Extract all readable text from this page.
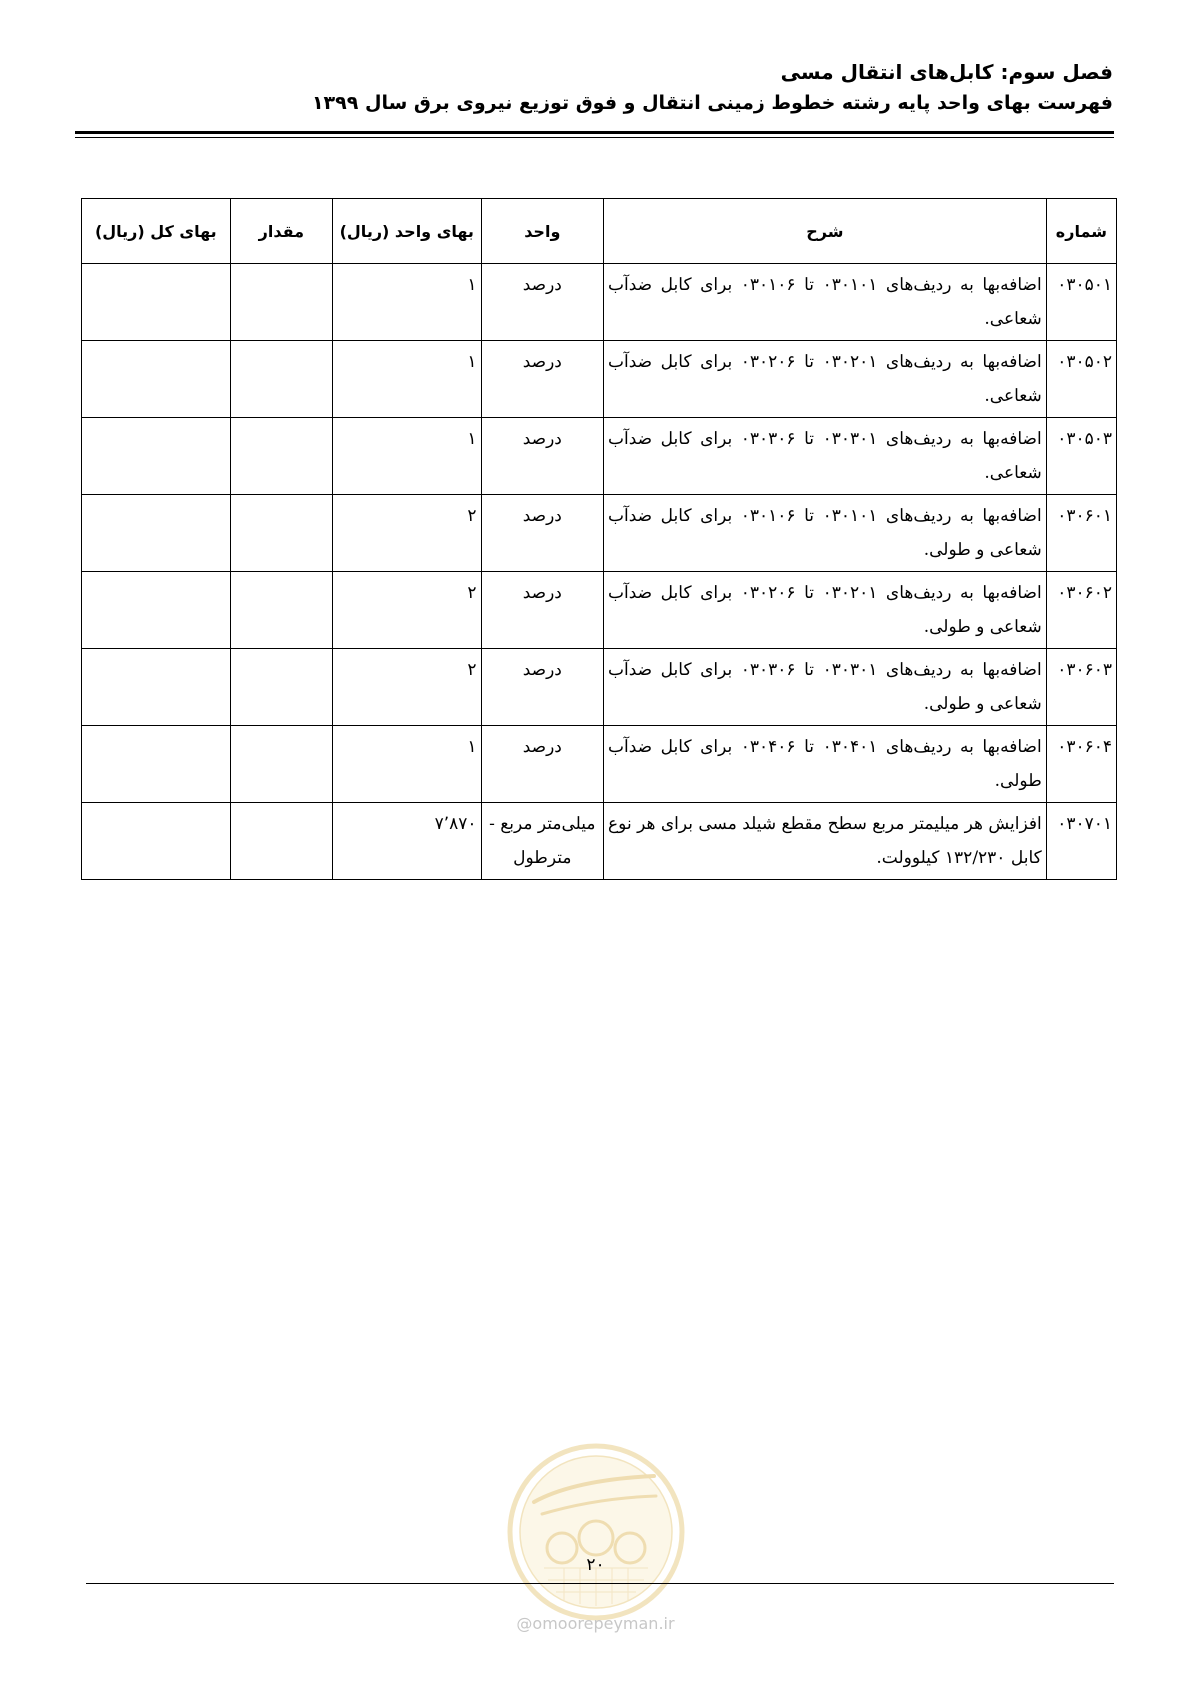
فصل سوم: کابل‌های انتقال مسی
فهرست بهای واحد پایه رشته خطوط زمینی انتقال و فوق توزیع نیروی برق سال ۱۳۹۹
شماره	شرح	واحد	بهای واحد (ریال)	مقدار	بهای کل (ریال)
۰۳۰۵۰۱	اضافه‌بها به ردیف‌های ۰۳۰۱۰۱ تا ۰۳۰۱۰۶ برای کابل ضدآب شعاعی.	درصد	۱		
۰۳۰۵۰۲	اضافه‌بها به ردیف‌های ۰۳۰۲۰۱ تا ۰۳۰۲۰۶ برای کابل ضدآب شعاعی.	درصد	۱		
۰۳۰۵۰۳	اضافه‌بها به ردیف‌های ۰۳۰۳۰۱ تا ۰۳۰۳۰۶ برای کابل ضدآب شعاعی.	درصد	۱		
۰۳۰۶۰۱	اضافه‌بها به ردیف‌های ۰۳۰۱۰۱ تا ۰۳۰۱۰۶ برای کابل ضدآب شعاعی و طولی.	درصد	۲		
۰۳۰۶۰۲	اضافه‌بها به ردیف‌های ۰۳۰۲۰۱ تا ۰۳۰۲۰۶ برای کابل ضدآب شعاعی و طولی.	درصد	۲		
۰۳۰۶۰۳	اضافه‌بها به ردیف‌های ۰۳۰۳۰۱ تا ۰۳۰۳۰۶ برای کابل ضدآب شعاعی و طولی.	درصد	۲		
۰۳۰۶۰۴	اضافه‌بها به ردیف‌های ۰۳۰۴۰۱ تا ۰۳۰۴۰۶ برای کابل ضدآب طولی.	درصد	۱		
۰۳۰۷۰۱	افزایش هر میلیمتر مربع سطح مقطع شیلد مسی برای هر نوع کابل ۱۳۲/۲۳۰ کیلوولت.	میلی‌متر مربع - مترطول	۷٬۸۷۰		
۲۰
@omoorepeyman.ir
